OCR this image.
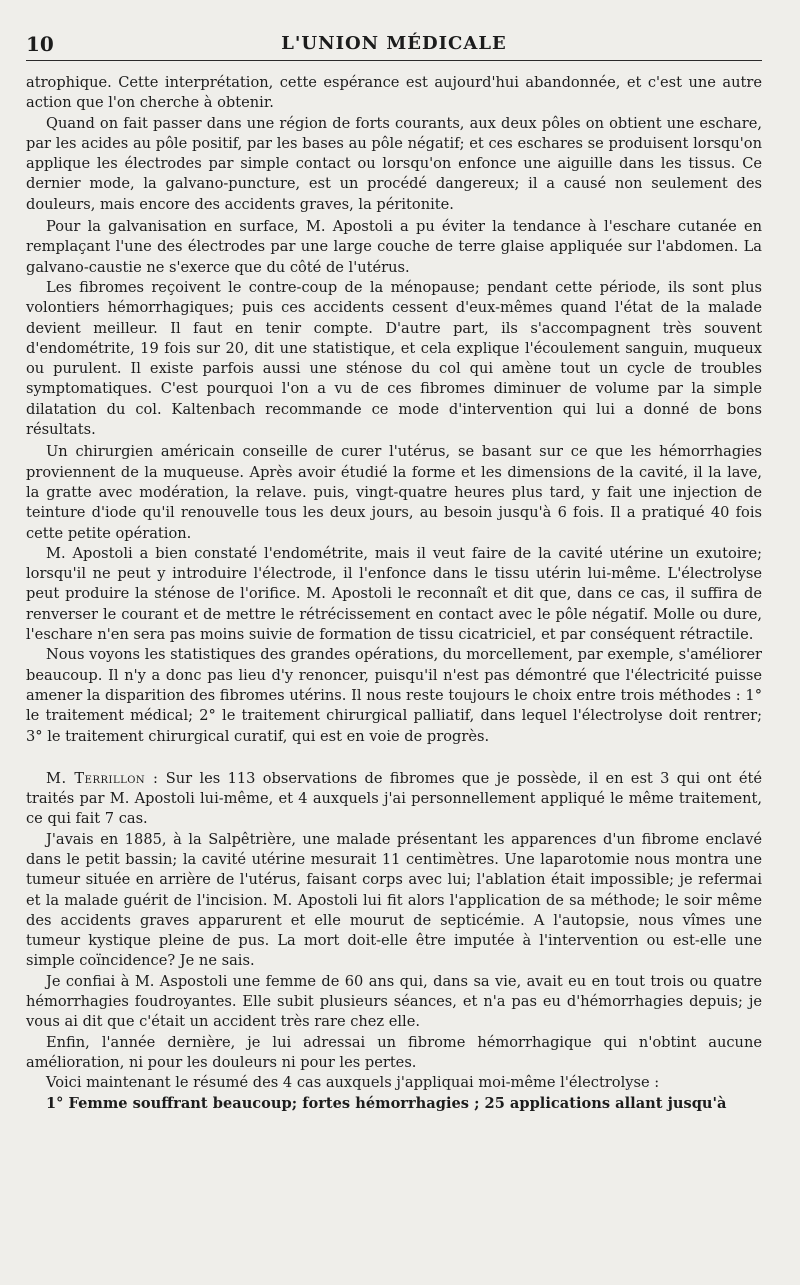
10	L'UNION MÉDICALE

atrophique. Cette interprétation, cette espérance est aujourd'hui abandonnée, et c'est une autre action que l'on cherche à obtenir.

Quand on fait passer dans une région de forts courants, aux deux pôles on obtient une eschare, par les acides au pôle positif, par les bases au pôle négatif; et ces eschares se produisent lorsqu'on applique les électrodes par simple contact ou lorsqu'on enfonce une aiguille dans les tissus. Ce dernier mode, la galvano-puncture, est un procédé dangereux; il a causé non seulement des douleurs, mais encore des accidents graves, la péritonite.

Pour la galvanisation en surface, M. Apostoli a pu éviter la tendance à l'eschare cutanée en remplaçant l'une des électrodes par une large couche de terre glaise appliquée sur l'abdomen. La galvano-caustie ne s'exerce que du côté de l'utérus.

Les fibromes reçoivent le contre-coup de la ménopause; pendant cette période, ils sont plus volontiers hémorrhagiques; puis ces accidents cessent d'eux-mêmes quand l'état de la malade devient meilleur. Il faut en tenir compte. D'autre part, ils s'accompagnent très souvent d'endométrite, 19 fois sur 20, dit une statistique, et cela explique l'écoulement sanguin, muqueux ou purulent. Il existe parfois aussi une sténose du col qui amène tout un cycle de troubles symptomatiques. C'est pourquoi l'on a vu de ces fibromes diminuer de volume par la simple dilatation du col. Kaltenbach recommande ce mode d'intervention qui lui a donné de bons résultats.

Un chirurgien américain conseille de curer l'utérus, se basant sur ce que les hémorrhagies proviennent de la muqueuse. Après avoir étudié la forme et les dimensions de la cavité, il la lave, la gratte avec modération, la relave. puis, vingt-quatre heures plus tard, y fait une injection de teinture d'iode qu'il renouvelle tous les deux jours, au besoin jusqu'à 6 fois. Il a pratiqué 40 fois cette petite opération.

M. Apostoli a bien constaté l'endométrite, mais il veut faire de la cavité utérine un exutoire; lorsqu'il ne peut y introduire l'électrode, il l'enfonce dans le tissu utérin lui-même. L'électrolyse peut produire la sténose de l'orifice. M. Apostoli le reconnaît et dit que, dans ce cas, il suffira de renverser le courant et de mettre le rétrécissement en contact avec le pôle négatif. Molle ou dure, l'eschare n'en sera pas moins suivie de formation de tissu cicatriciel, et par conséquent rétractile.

Nous voyons les statistiques des grandes opérations, du morcellement, par exemple, s'améliorer beaucoup. Il n'y a donc pas lieu d'y renoncer, puisqu'il n'est pas démontré que l'électricité puisse amener la disparition des fibromes utérins. Il nous reste toujours le choix entre trois méthodes : 1° le traitement médical; 2° le traitement chirurgical palliatif, dans lequel l'électrolyse doit rentrer; 3° le traitement chirurgical curatif, qui est en voie de progrès.

M. Terrillon : Sur les 113 observations de fibromes que je possède, il en est 3 qui ont été traités par M. Apostoli lui-même, et 4 auxquels j'ai personnellement appliqué le même traitement, ce qui fait 7 cas.

J'avais en 1885, à la Salpêtrière, une malade présentant les apparences d'un fibrome enclavé dans le petit bassin; la cavité utérine mesurait 11 centimètres. Une laparotomie nous montra une tumeur située en arrière de l'utérus, faisant corps avec lui; l'ablation était impossible; je refermai et la malade guérit de l'incision. M. Apostoli lui fit alors l'application de sa méthode; le soir même des accidents graves apparurent et elle mourut de septicémie. A l'autopsie, nous vîmes une tumeur kystique pleine de pus. La mort doit-elle être imputée à l'intervention ou est-elle une simple coïncidence? Je ne sais.

Je confiai à M. Aspostoli une femme de 60 ans qui, dans sa vie, avait eu en tout trois ou quatre hémorrhagies foudroyantes. Elle subit plusieurs séances, et n'a pas eu d'hémorrhagies depuis; je vous ai dit que c'était un accident très rare chez elle.

Enfin, l'année dernière, je lui adressai un fibrome hémorrhagique qui n'obtint aucune amélioration, ni pour les douleurs ni pour les pertes.

Voici maintenant le résumé des 4 cas auxquels j'appliquai moi-même l'électrolyse :

1° Femme souffrant beaucoup; fortes hémorrhagies ; 25 applications allant jusqu'à
